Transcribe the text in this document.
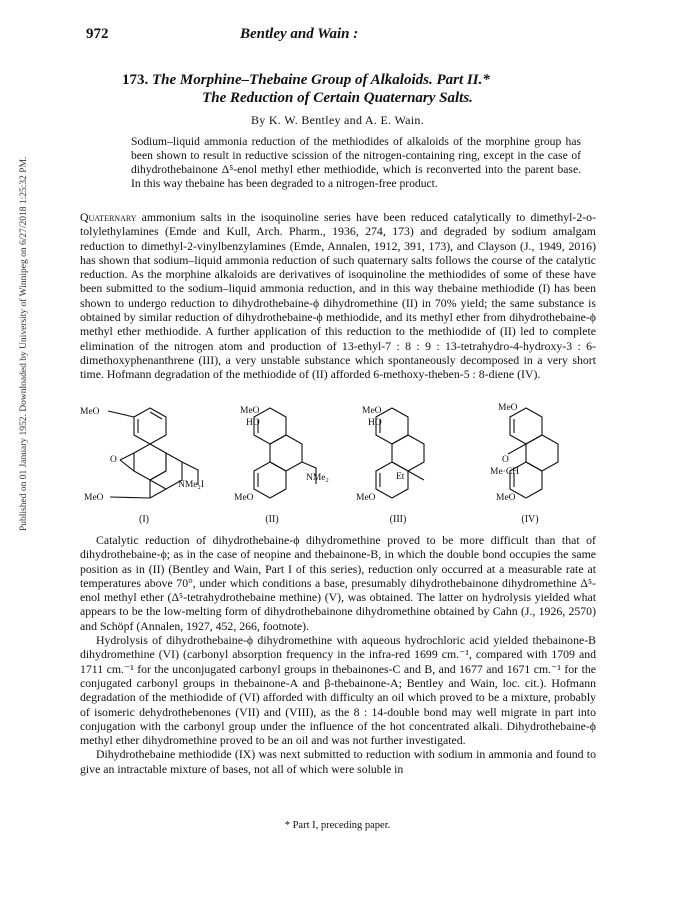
Published on 01 January 1952. Downloaded by University of Winnipeg on 6/27/2018 1:25:32 PM.
972	Bentley and Wain :
173. The Morphine–Thebaine Group of Alkaloids. Part II.*
The Reduction of Certain Quaternary Salts.
By K. W. Bentley and A. E. Wain.
Sodium–liquid ammonia reduction of the methiodides of alkaloids of the morphine group has been shown to result in reductive scission of the nitrogen-containing ring, except in the case of dihydrothebainone Δ⁵-enol methyl ether methiodide, which is reconverted into the parent base. In this way thebaine has been degraded to a nitrogen-free product.
Quaternary ammonium salts in the isoquinoline series have been reduced catalytically to dimethyl-2-o-tolylethylamines (Emde and Kull, Arch. Pharm., 1936, 274, 173) and degraded by sodium amalgam reduction to dimethyl-2-vinylbenzylamines (Emde, Annalen, 1912, 391, 173), and Clayson (J., 1949, 2016) has shown that sodium–liquid ammonia reduction of such quaternary salts follows the course of the catalytic reduction. As the morphine alkaloids are derivatives of isoquinoline the methiodides of some of these have been submitted to the sodium–liquid ammonia reduction, and in this way thebaine methiodide (I) has been shown to undergo reduction to dihydrothebaine-ϕ dihydromethine (II) in 70% yield; the same substance is obtained by similar reduction of dihydrothebaine-ϕ methiodide, and its methyl ether from dihydrothebaine-ϕ methyl ether methiodide. A further application of this reduction to the methiodide of (II) led to complete elimination of the nitrogen atom and production of 13-ethyl-7 : 8 : 9 : 13-tetrahydro-4-hydroxy-3 : 6-dimethoxyphenanthrene (III), a very unstable substance which spontaneously decomposed in a very short time. Hofmann degradation of the methiodide of (II) afforded 6-methoxy-theben-5 : 8-diene (IV).
MeO
O
NMe₂I
MeO
(I)
MeO
HO
NMe₂
MeO
(II)
MeO
HO
Et
MeO
(III)
MeO
O
Me·CH
MeO
(IV)
Catalytic reduction of dihydrothebaine-ϕ dihydromethine proved to be more difficult than that of dihydrothebaine-ϕ; as in the case of neopine and thebainone-B, in which the double bond occupies the same position as in (II) (Bentley and Wain, Part I of this series), reduction only occurred at a measurable rate at temperatures above 70°, under which conditions a base, presumably dihydrothebainone dihydromethine Δ⁵-enol methyl ether (Δ⁵-tetrahydrothebaine methine) (V), was obtained. The latter on hydrolysis yielded what appears to be the low-melting form of dihydrothebainone dihydromethine obtained by Cahn (J., 1926, 2570) and Schöpf (Annalen, 1927, 452, 266, footnote).
Hydrolysis of dihydrothebaine-ϕ dihydromethine with aqueous hydrochloric acid yielded thebainone-B dihydromethine (VI) (carbonyl absorption frequency in the infra-red 1699 cm.⁻¹, compared with 1709 and 1711 cm.⁻¹ for the unconjugated carbonyl groups in thebainones-C and B, and 1677 and 1671 cm.⁻¹ for the conjugated carbonyl groups in thebainone-A and β-thebainone-A; Bentley and Wain, loc. cit.). Hofmann degradation of the methiodide of (VI) afforded with difficulty an oil which proved to be a mixture, probably of isomeric dehydrothebenones (VII) and (VIII), as the 8 : 14-double bond may well migrate in part into conjugation with the carbonyl group under the influence of the hot concentrated alkali. Dihydrothebaine-ϕ methyl ether dihydromethine proved to be an oil and was not further investigated.
Dihydrothebaine methiodide (IX) was next submitted to reduction with sodium in ammonia and found to give an intractable mixture of bases, not all of which were soluble in
* Part I, preceding paper.
